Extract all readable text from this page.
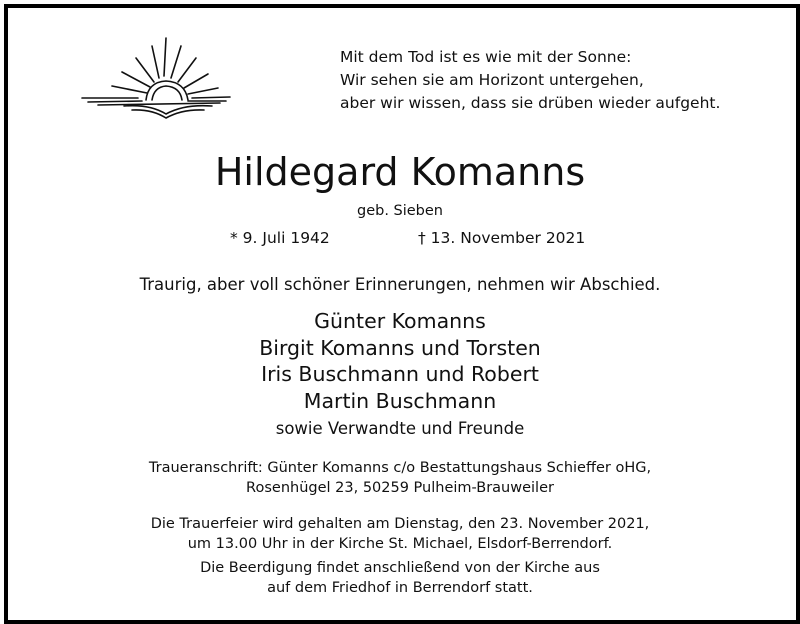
Mit dem Tod ist es wie mit der Sonne:
Wir sehen sie am Horizont untergehen,
aber wir wissen, dass sie drüben wieder aufgeht.
Hildegard Komanns
geb. Sieben
* 9. Juli 1942	† 13. November 2021
Traurig, aber voll schöner Erinnerungen, nehmen wir Abschied.
Günter Komanns
Birgit Komanns und Torsten
Iris Buschmann und Robert
Martin Buschmann
sowie Verwandte und Freunde
Traueranschrift: Günter Komanns c/o Bestattungshaus Schieffer oHG,
Rosenhügel 23, 50259 Pulheim-Brauweiler
Die Trauerfeier wird gehalten am Dienstag, den 23. November 2021,
um 13.00 Uhr in der Kirche St. Michael, Elsdorf-Berrendorf.
Die Beerdigung findet anschließend von der Kirche aus
auf dem Friedhof in Berrendorf statt.
